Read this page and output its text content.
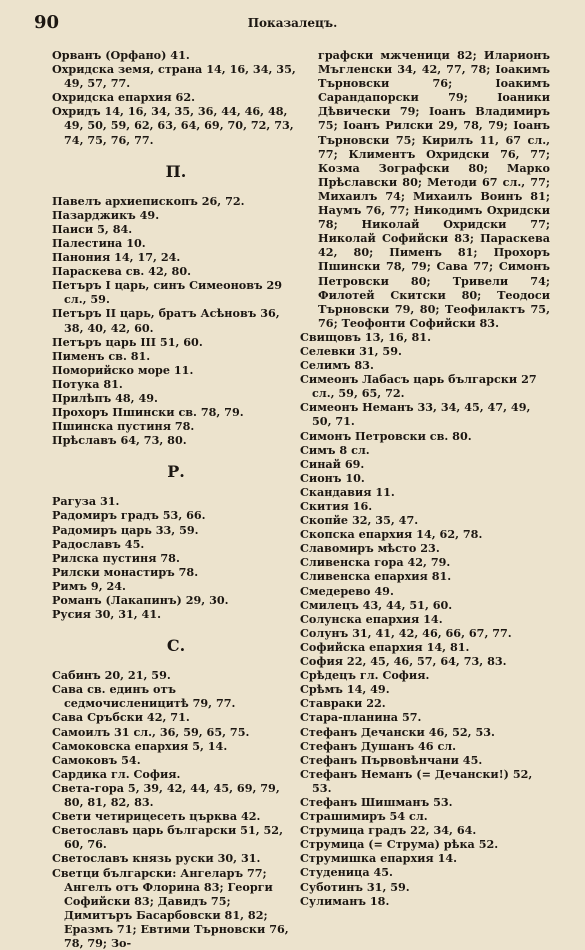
90	Показалецъ.
Орванъ (Орфано) 41.
Охридска земя, страна 14, 16, 34, 35, 49, 57, 77.
Охридска епархия 62.
Охридъ 14, 16, 34, 35, 36, 44, 46, 48, 49, 50, 59, 62, 63, 64, 69, 70, 72, 73, 74, 75, 76, 77.
П.
Павелъ архиепископъ 26, 72.
Пазарджикъ 49.
Паиси 5, 84.
Палестина 10.
Панония 14, 17, 24.
Параскева св. 42, 80.
Петъръ I царь, синъ Симеоновъ 29 сл., 59.
Петъръ II царь, братъ Асѣновъ 36, 38, 40, 42, 60.
Петъръ царь III 51, 60.
Пименъ св. 81.
Поморийско море 11.
Потука 81.
Прилѣпъ 48, 49.
Прохоръ Пшински св. 78, 79.
Пшинска пустиня 78.
Прѣславъ 64, 73, 80.
Р.
Рагуза 31.
Радомиръ градъ 53, 66.
Радомиръ царь 33, 59.
Радославъ 45.
Рилска пустиня 78.
Рилски монастиръ 78.
Римъ 9, 24.
Романъ (Лакапинъ) 29, 30.
Русия 30, 31, 41.
С.
Сабинъ 20, 21, 59.
Сава св. единъ отъ седмочисленицитѣ 79, 77.
Сава Сръбски 42, 71.
Самоилъ 31 сл., 36, 59, 65, 75.
Самоковска епархия 5, 14.
Самоковъ 54.
Сардика гл. София.
Света-гора 5, 39, 42, 44, 45, 69, 79, 80, 81, 82, 83.
Свети четирицесеть църква 42.
Светославъ царь български 51, 52, 60, 76.
Светославъ князь руски 30, 31.
Светци български: Ангеларъ 77; Ангелъ отъ Флорина 83; Георги Софийски 83; Давидъ 75; Димитъръ Басарбовски 81, 82; Еразмъ 71; Евтими Търновски 76, 78, 79; Зо-
графски мжченици 82; Иларионъ Мъгленски 34, 42, 77, 78; Іоакимъ Търновски 76; Іоакимъ Сарандапорски 79; Іоаники Дѣвически 79; Іоанъ Владимиръ 75; Іоанъ Рилски 29, 78, 79; Іоанъ Търновски 75; Кирилъ 11, 67 сл., 77; Климентъ Охридски 76, 77; Козма Зографски 80; Марко Прѣславски 80; Методи 67 сл., 77; Михаилъ 74; Михаилъ Воинъ 81; Наумъ 76, 77; Никодимъ Охридски 78; Николай Охридски 77; Николай Софийски 83; Параскева 42, 80; Пименъ 81; Прохоръ Пшински 78, 79; Сава 77; Симонъ Петровски 80; Тривели 74; Филотей Скитски 80; Теодоси Търновски 79, 80; Теофилактъ 75, 76; Теофонти Софийски 83.
Свищовъ 13, 16, 81.
Селевки 31, 59.
Селимъ 83.
Симеонъ Лабасъ царь български 27 сл., 59, 65, 72.
Симеонъ Неманъ 33, 34, 45, 47, 49, 50, 71.
Симонъ Петровски св. 80.
Симъ 8 сл.
Синай 69.
Сионъ 10.
Скандавия 11.
Скития 16.
Скопйе 32, 35, 47.
Скопска епархия 14, 62, 78.
Славомиръ мѣсто 23.
Сливенска гора 42, 79.
Сливенска епархия 81.
Смедерево 49.
Смилецъ 43, 44, 51, 60.
Солунска епархия 14.
Солунъ 31, 41, 42, 46, 66, 67, 77.
Софийска епархия 14, 81.
София 22, 45, 46, 57, 64, 73, 83.
Срѣдецъ гл. София.
Срѣмъ 14, 49.
Ставраки 22.
Стара-планина 57.
Стефанъ Дечански 46, 52, 53.
Стефанъ Душанъ 46 сл.
Стефанъ Първовѣнчани 45.
Стефанъ Неманъ (= Дечански!) 52, 53.
Стефанъ Шишманъ 53.
Страшимиръ 54 сл.
Струмица градъ 22, 34, 64.
Струмица (= Струма) рѣка 52.
Струмишка епархия 14.
Студеница 45.
Суботинъ 31, 59.
Сулиманъ 18.
